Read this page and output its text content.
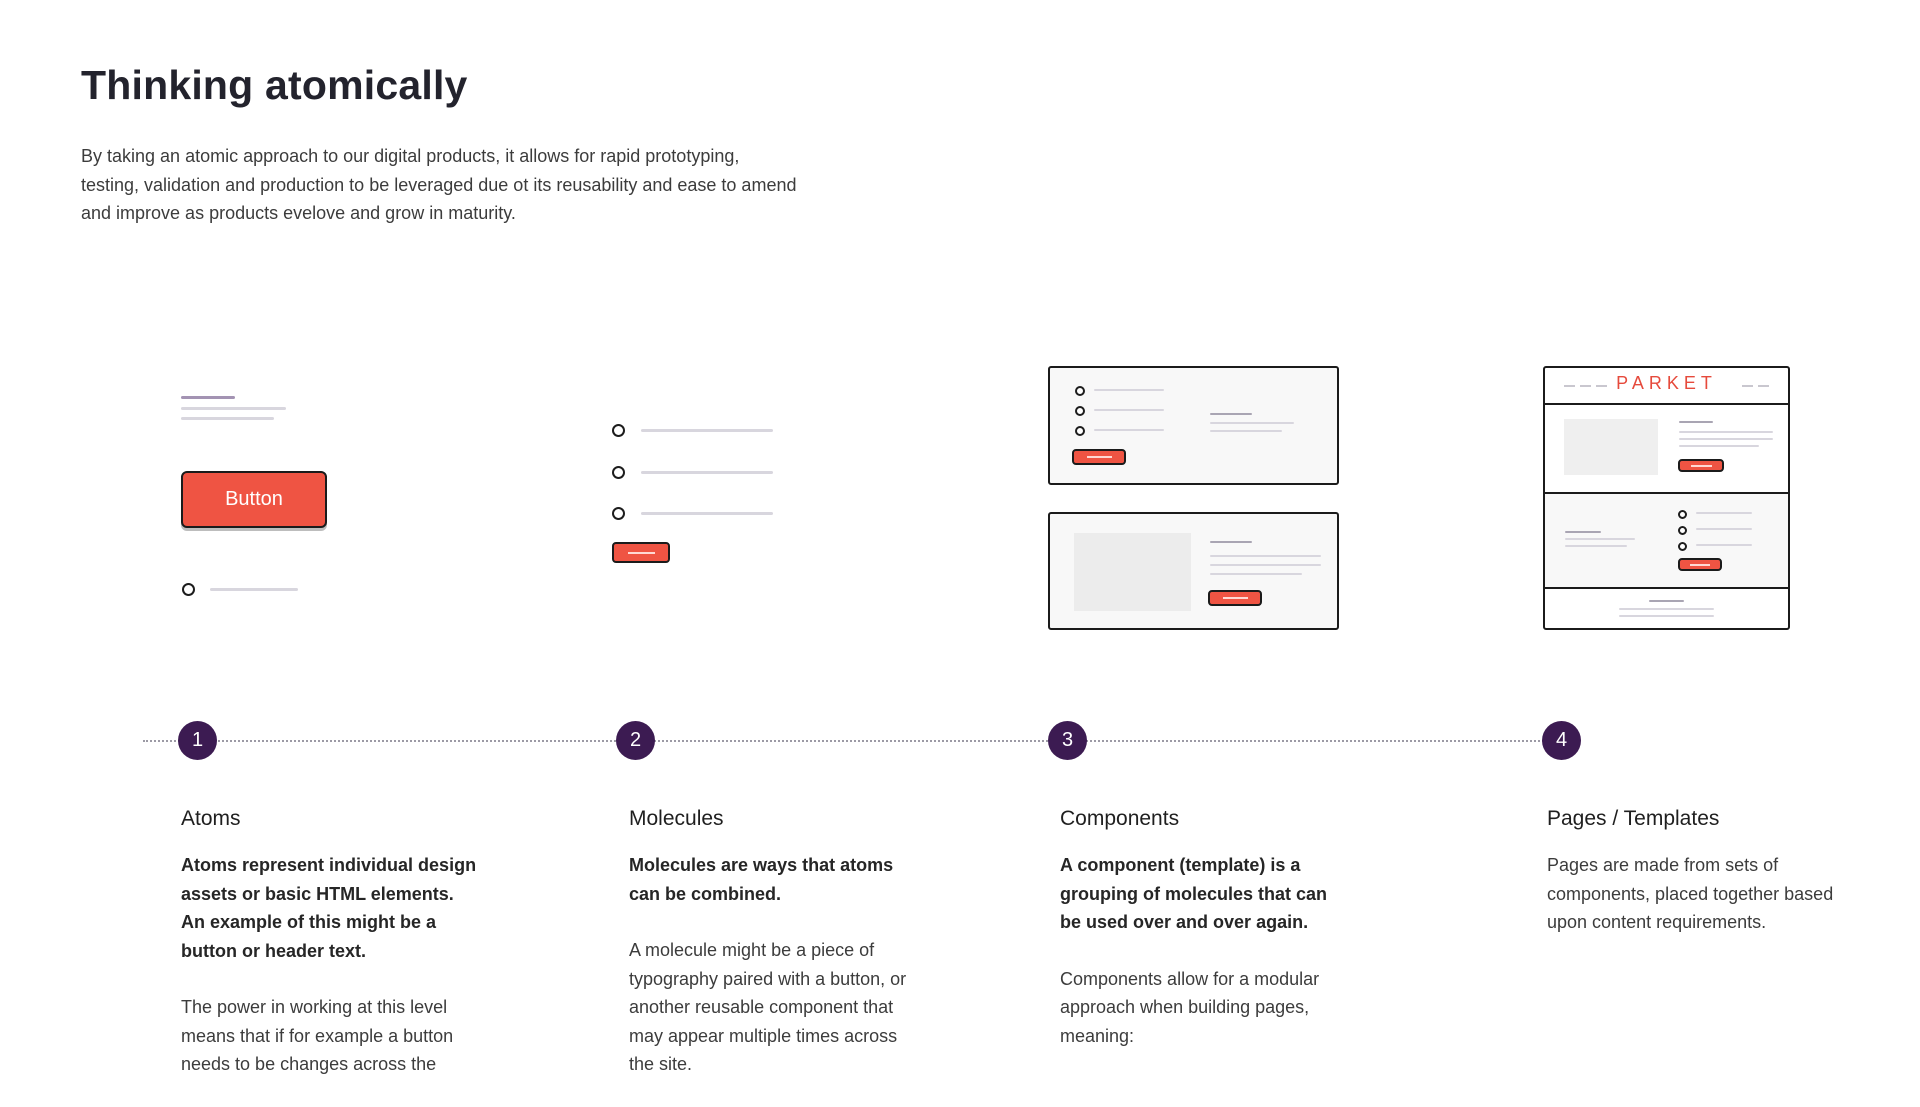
Thinking atomically

By taking an atomic approach to our digital products, it allows for rapid prototyping, testing, validation and production to be leveraged due ot its reusability and ease to amend and improve as products evelove and grow in maturity.

Button
PARKET
1	2	3	4
Atoms

Atoms represent individual design assets or basic HTML elements. An example of this might be a button or header text.

The power in working at this level means that if for example a button needs to be changes across the

Molecules

Molecules are ways that atoms can be combined.

A molecule might be a piece of typography paired with a button, or another reusable component that may appear multiple times across the site.

Components

A component (template) is a grouping of molecules that can be used over and over again.

Components allow for a modular approach when building pages, meaning:

Pages / Templates

Pages are made from sets of components, placed together based upon content requirements.
